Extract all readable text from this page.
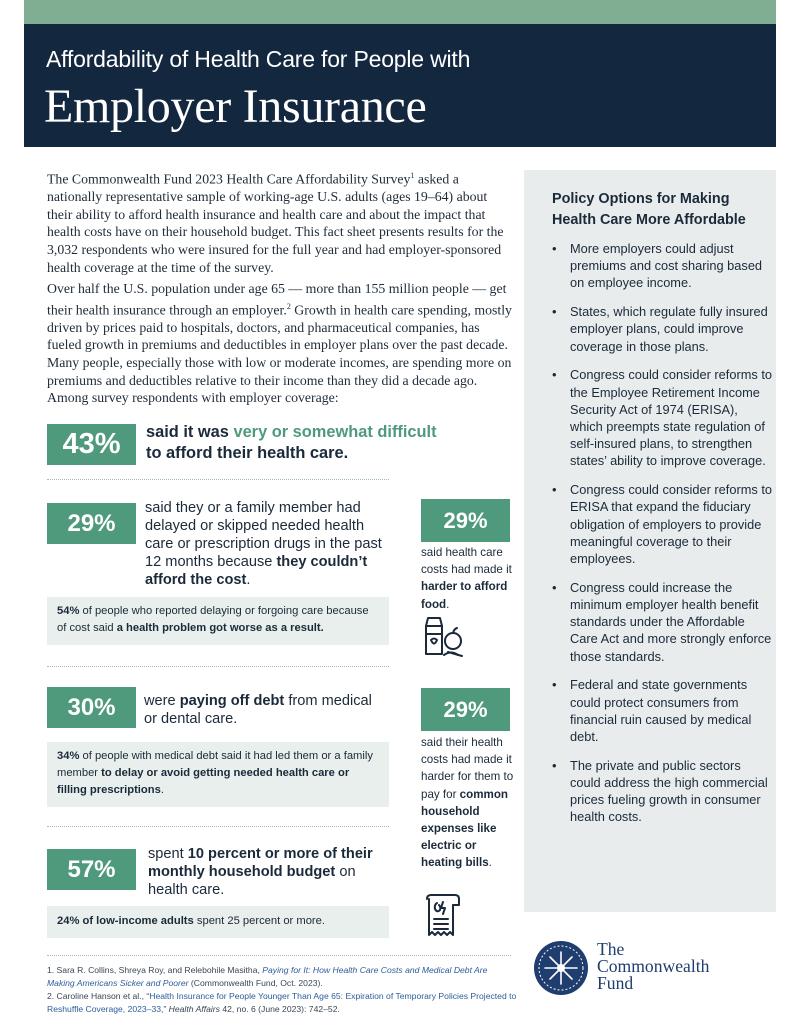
Affordability of Health Care for People with
Employer Insurance
The Commonwealth Fund 2023 Health Care Affordability Survey$^1$ asked a nationally representative sample of working-age U.S. adults (ages 19–64) about their ability to afford health insurance and health care and about the impact that health costs have on their household budget. This fact sheet presents results for the 3,032 respondents who were insured for the full year and had employer-sponsored health coverage at the time of the survey.
Over half the U.S. population under age 65 — more than 155 million people — get their health insurance through an employer.$^2$ Growth in health care spending, mostly driven by prices paid to hospitals, doctors, and pharmaceutical companies, has fueled growth in premiums and deductibles in employer plans over the past decade. Many people, especially those with low or moderate incomes, are spending more on premiums and deductibles relative to their income than they did a decade ago. Among survey respondents with employer coverage:
43% said it was very or somewhat difficult
to afford their health care.
29%
said they or a family member had delayed or skipped needed health care or prescription drugs in the past 12 months because they couldn’t afford the cost.
54% of people who reported delaying or forgoing care because of cost said a health problem got worse as a result.
30% were paying off debt from medical or dental care.
34% of people with medical debt said it had led them or a family member to delay or avoid getting needed health care or filling prescriptions.
57%
spent 10 percent or more of their monthly household budget on health care.
24% of low-income adults spent 25 percent or more.
29%
said health care costs had made it harder to afford food.
29%
said their health costs had made it harder for them to pay for common household expenses like electric or heating bills.
Policy Options for Making Health Care More Affordable
• More employers could adjust premiums and cost sharing based on employee income.
• States, which regulate fully insured employer plans, could improve coverage in those plans.
• Congress could consider reforms to the Employee Retirement Income Security Act of 1974 (ERISA), which preempts state regulation of self-insured plans, to strengthen states’ ability to improve coverage.
• Congress could consider reforms to ERISA that expand the fiduciary obligation of employers to provide meaningful coverage to their employees.
• Congress could increase the minimum employer health benefit standards under the Affordable Care Act and more strongly enforce those standards.
• Federal and state governments could protect consumers from financial ruin caused by medical debt.
• The private and public sectors could address the high commercial prices fueling growth in consumer health costs.
1. Sara R. Collins, Shreya Roy, and Relebohile Masitha, Paying for It: How Health Care Costs and Medical Debt Are Making Americans Sicker and Poorer (Commonwealth Fund, Oct. 2023).
2. Caroline Hanson et al., “Health Insurance for People Younger Than Age 65: Expiration of Temporary Policies Projected to Reshuffle Coverage, 2023–33,” Health Affairs 42, no. 6 (June 2023): 742–52.
The
Commonwealth
Fund
